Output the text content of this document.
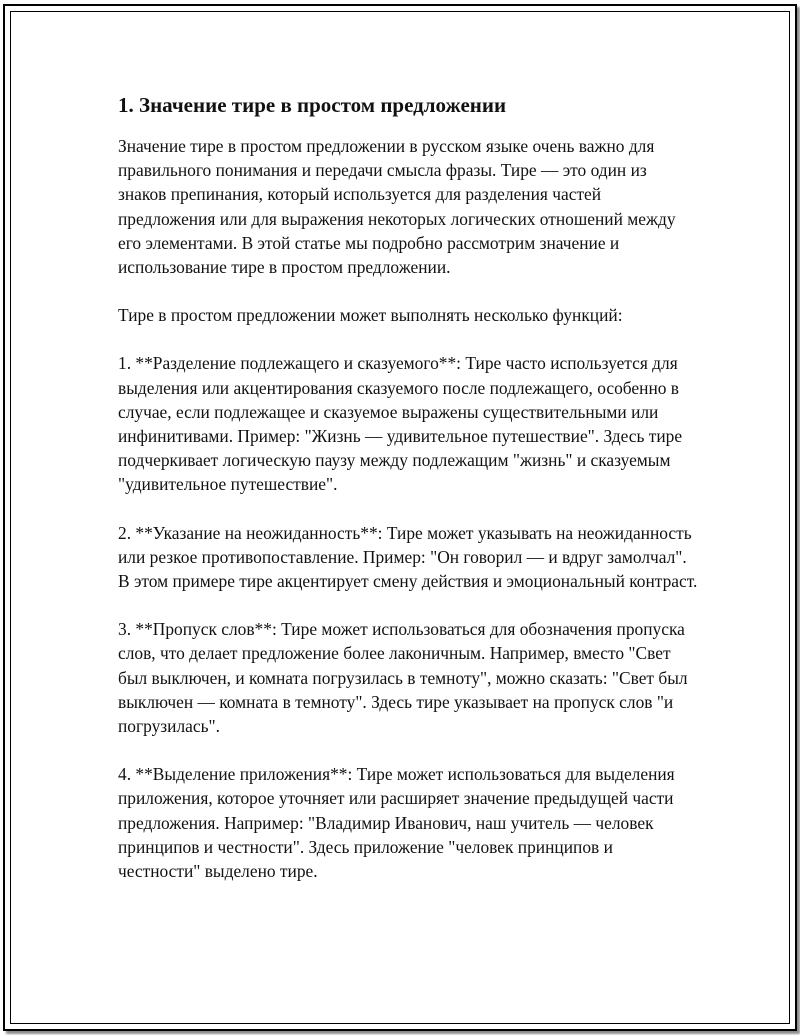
1. Значение тире в простом предложении

Значение тире в простом предложении в русском языке очень важно для правильного понимания и передачи смысла фразы. Тире — это один из знаков препинания, который используется для разделения частей предложения или для выражения некоторых логических отношений между его элементами. В этой статье мы подробно рассмотрим значение и использование тире в простом предложении.

Тире в простом предложении может выполнять несколько функций:

1. **Разделение подлежащего и сказуемого**: Тире часто используется для выделения или акцентирования сказуемого после подлежащего, особенно в случае, если подлежащее и сказуемое выражены существительными или инфинитивами. Пример: "Жизнь — удивительное путешествие". Здесь тире подчеркивает логическую паузу между подлежащим "жизнь" и сказуемым "удивительное путешествие".

2. **Указание на неожиданность**: Тире может указывать на неожиданность или резкое противопоставление. Пример: "Он говорил — и вдруг замолчал". В этом примере тире акцентирует смену действия и эмоциональный контраст.

3. **Пропуск слов**: Тире может использоваться для обозначения пропуска слов, что делает предложение более лаконичным. Например, вместо "Свет был выключен, и комната погрузилась в темноту", можно сказать: "Свет был выключен — комната в темноту". Здесь тире указывает на пропуск слов "и погрузилась".

4. **Выделение приложения**: Тире может использоваться для выделения приложения, которое уточняет или расширяет значение предыдущей части предложения. Например: "Владимир Иванович, наш учитель — человек принципов и честности". Здесь приложение "человек принципов и честности" выделено тире.
